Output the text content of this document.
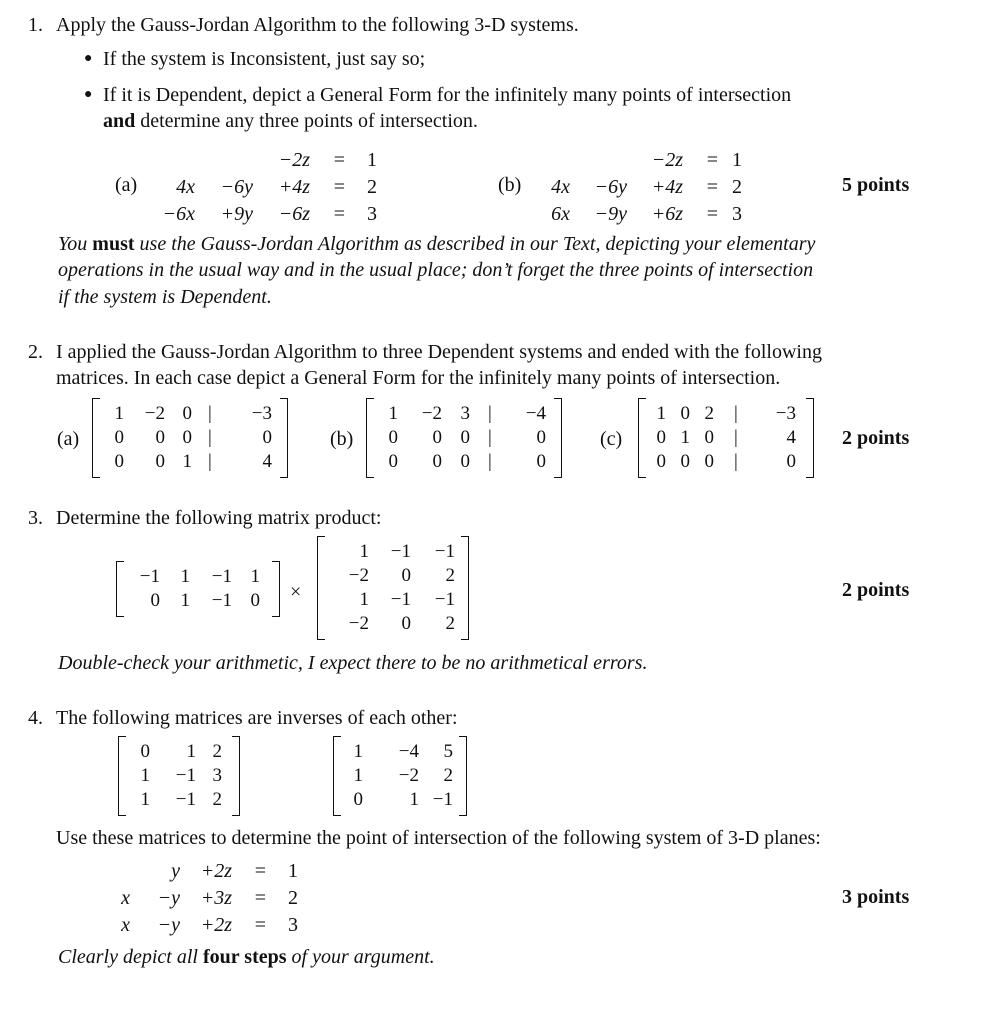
1. Apply the Gauss-Jordan Algorithm to the following 3-D systems.
● If the system is Inconsistent, just say so;
● If it is Dependent, depict a General Form for the infinitely many points of intersection
and determine any three points of intersection.
(a)
−2z = 1
4x −6y +4z = 2
−6x +9y −6z = 3
(b)
−2z = 1
4x −6y +4z = 2
6x −9y +6z = 3
5 points
You must use the Gauss-Jordan Algorithm as described in our Text, depicting your elementary
operations in the usual way and in the usual place; don’t forget the three points of intersection
if the system is Dependent.
2. I applied the Gauss-Jordan Algorithm to three Dependent systems and ended with the following
matrices. In each case depict a General Form for the infinitely many points of intersection.
(a)	(b)	(c)
1 −2 0 | −3
0 0 0 |	0
0 0 1 |	4
1 −2 3 | −4
0 0 0 | 0
0 0 0 | 0
1 0 2 | −3
0 1 0 |	4
0 0 0 |	0
2 points
3. Determine the following matrix product:
−1 1 −1 1
0 1 −1 0
1 −1 −1
−2 0 2
1 −1 −1
−2 0 2
×	2 points
Double-check your arithmetic, I expect there to be no arithmetical errors.
4. The following matrices are inverses of each other:
0 1 2
1 −1 3
1 −1 2
1 −4 5
1 −2 2
0 1 −1
Use these matrices to determine the point of intersection of the following system of 3-D planes:
y +2z = 1
x −y +3z = 2
x −y +2z = 3
3 points
Clearly depict all four steps of your argument.
